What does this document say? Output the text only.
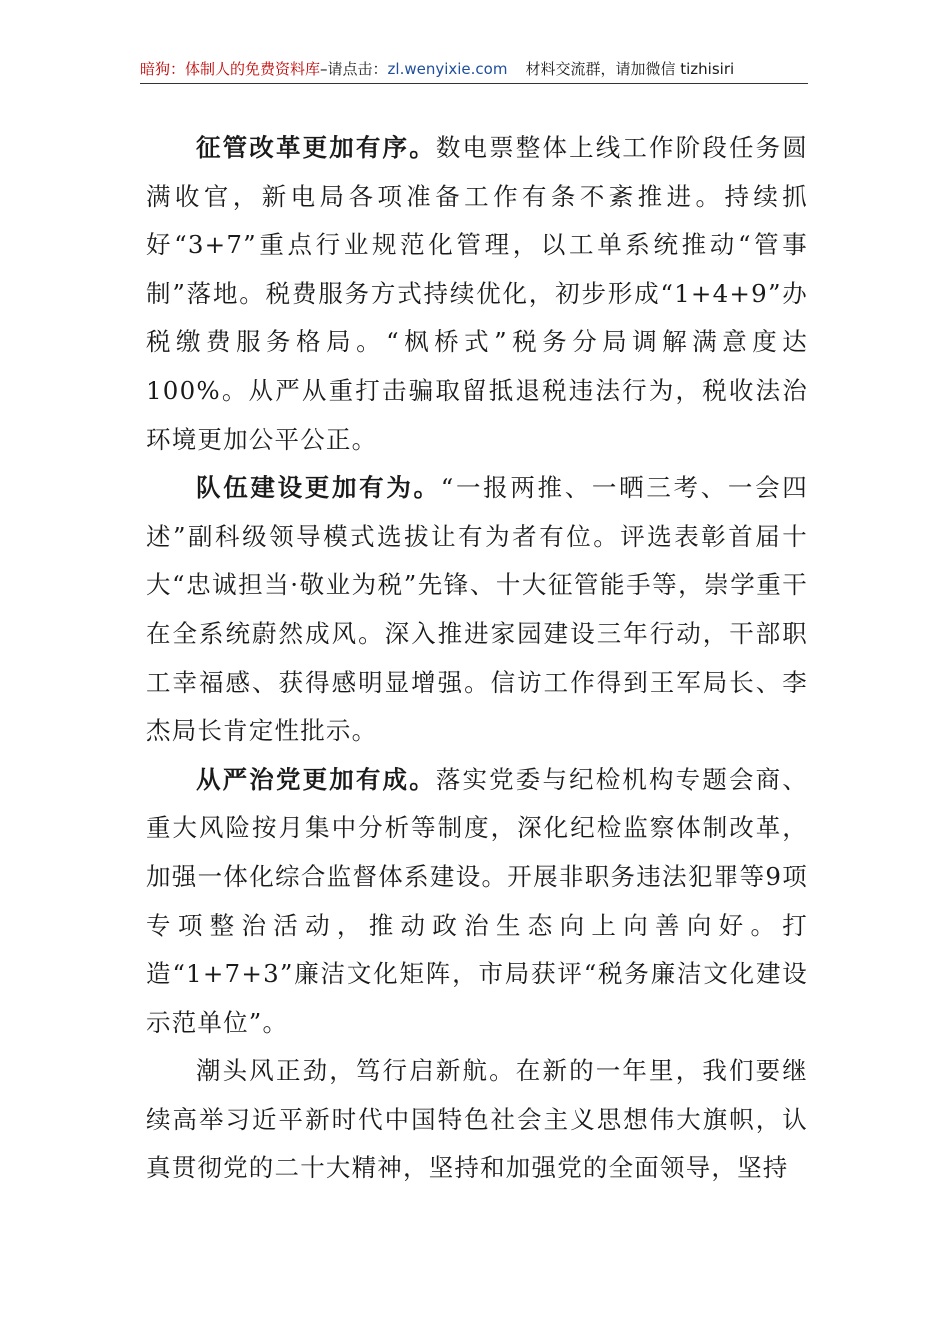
暗狗：体制人的免费资料库–请点击：zl.wenyixie.com 材料交流群，请加微信 tizhisiri

征管改革更加有序。数电票整体上线工作阶段任务圆满收官，新电局各项准备工作有条不紊推进。持续抓好“3+7”重点行业规范化管理，以工单系统推动“管事制”落地。税费服务方式持续优化，初步形成“1+4+9”办税缴费服务格局。“枫桥式”税务分局调解满意度达100%。从严从重打击骗取留抵退税违法行为，税收法治环境更加公平公正。

队伍建设更加有为。“一报两推、一晒三考、一会四述”副科级领导模式选拔让有为者有位。评选表彰首届十大“忠诚担当·敬业为税”先锋、十大征管能手等，崇学重干在全系统蔚然成风。深入推进家园建设三年行动，干部职工幸福感、获得感明显增强。信访工作得到王军局长、李杰局长肯定性批示。

从严治党更加有成。落实党委与纪检机构专题会商、重大风险按月集中分析等制度，深化纪检监察体制改革，加强一体化综合监督体系建设。开展非职务违法犯罪等9项专项整治活动，推动政治生态向上向善向好。打造“1+7+3”廉洁文化矩阵，市局获评“税务廉洁文化建设示范单位”。

潮头风正劲，笃行启新航。在新的一年里，我们要继续高举习近平新时代中国特色社会主义思想伟大旗帜，认真贯彻党的二十大精神，坚持和加强党的全面领导，坚持
